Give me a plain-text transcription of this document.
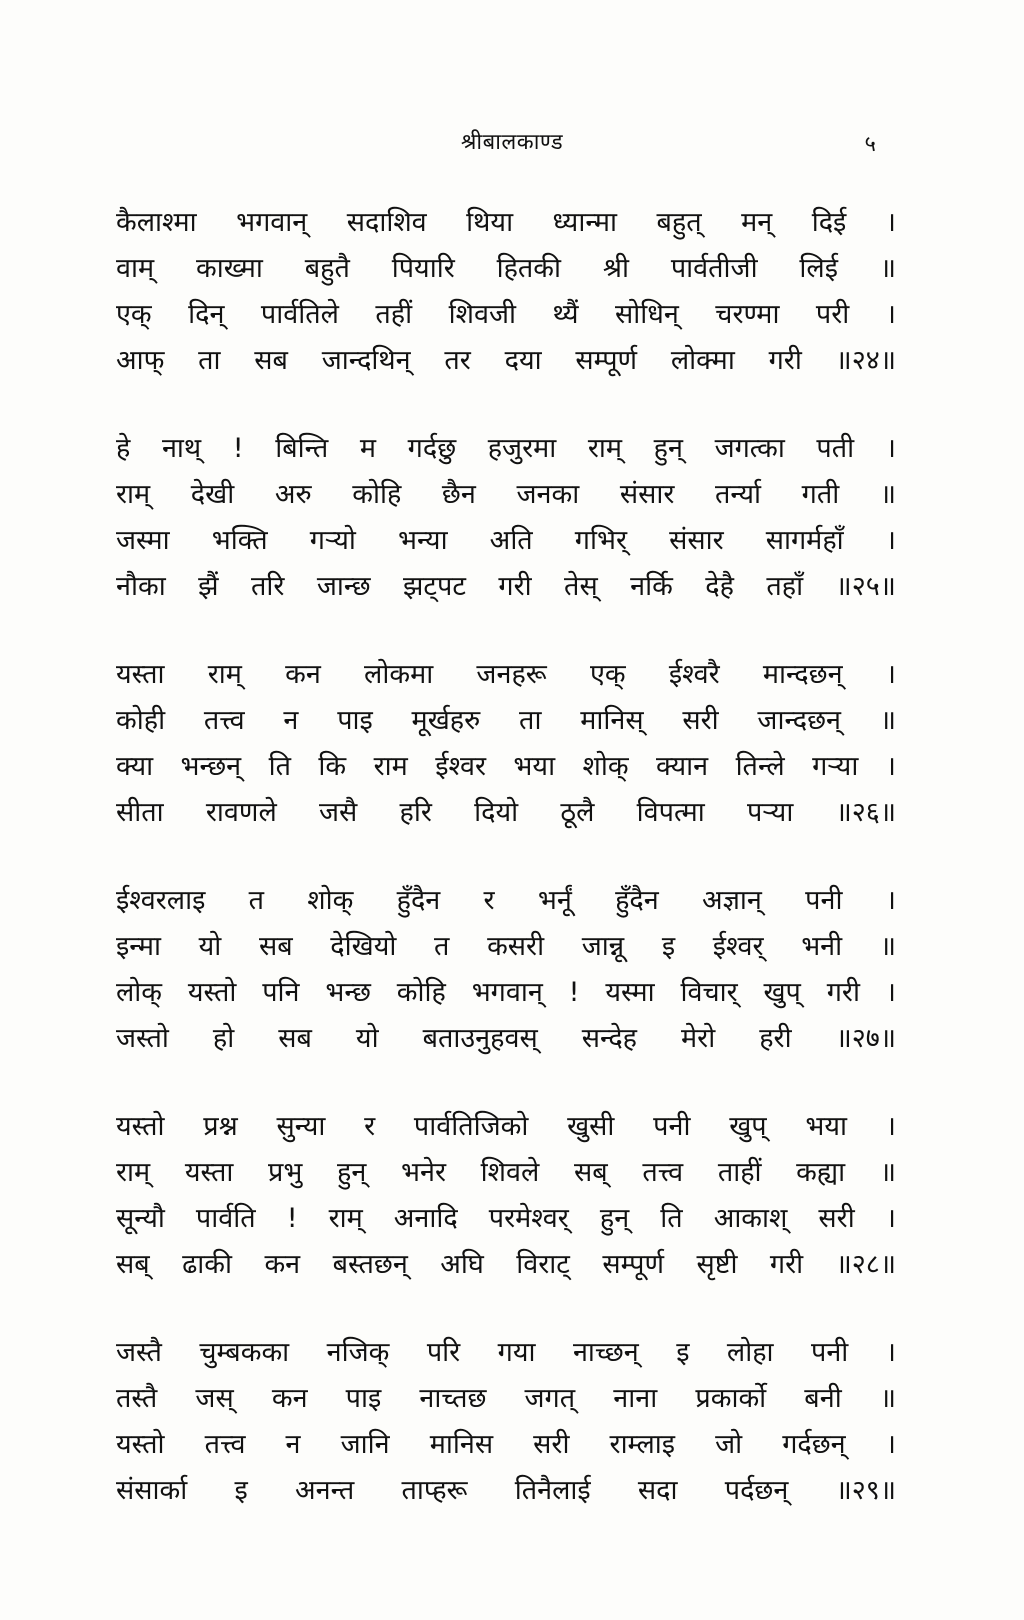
श्रीबालकाण्ड	५
कैलाश्मा भगवान् सदाशिव थिया ध्यान्मा बहुत् मन् दिई ।
वाम् काख्मा बहुतै पियारि हितकी श्री पार्वतीजी लिई ॥
एक् दिन् पार्वतिले तहीं शिवजी थ्यैं सोधिन् चरण्मा परी ।
आफ् ता सब जान्दथिन् तर दया सम्पूर्ण लोक्मा गरी ॥२४॥
हे नाथ् ! बिन्ति म गर्दछु हजुरमा राम् हुन् जगत्का पती ।
राम् देखी अरु कोहि छैन जनका संसार तर्न्या गती ॥
जस्मा भक्ति गऱ्यो भन्या अति गभिर् संसार सागर्महाँ ।
नौका झैं तरि जान्छ झट्पट गरी तेस् नर्कि देहै तहाँ ॥२५॥
यस्ता राम् कन लोकमा जनहरू एक् ईश्वरै मान्दछन् ।
कोही तत्त्व न पाइ मूर्खहरु ता मानिस् सरी जान्दछन् ॥
क्या भन्छन् ति कि राम ईश्वर भया शोक् क्यान तिन्ले गऱ्या ।
सीता रावणले जसै हरि दियो ठूलै विपत्मा पऱ्या ॥२६॥
ईश्वरलाइ त शोक् हुँदैन र भर्नूं हुँदैन अज्ञान् पनी ।
इन्मा यो सब देखियो त कसरी जान्नू इ ईश्वर् भनी ॥
लोक् यस्तो पनि भन्छ कोहि भगवान् ! यस्मा विचार् खुप् गरी ।
जस्तो हो सब यो बताउनुहवस् सन्देह मेरो हरी ॥२७॥
यस्तो प्रश्न सुन्या र पार्वतिजिको खुसी पनी खुप् भया ।
राम् यस्ता प्रभु हुन् भनेर शिवले सब् तत्त्व ताहीं कह्या ॥
सून्यौ पार्वति ! राम् अनादि परमेश्वर् हुन् ति आकाश् सरी ।
सब् ढाकी कन बस्तछन् अघि विराट् सम्पूर्ण सृष्टी गरी ॥२८॥
जस्तै चुम्बकका नजिक् परि गया नाच्छन् इ लोहा पनी ।
तस्तै जस् कन पाइ नाच्तछ जगत् नाना प्रकार्को बनी ॥
यस्तो तत्त्व न जानि मानिस सरी राम्लाइ जो गर्दछन् ।
संसार्का इ अनन्त ताप्हरू तिनैलाई सदा पर्दछन् ॥२९॥
